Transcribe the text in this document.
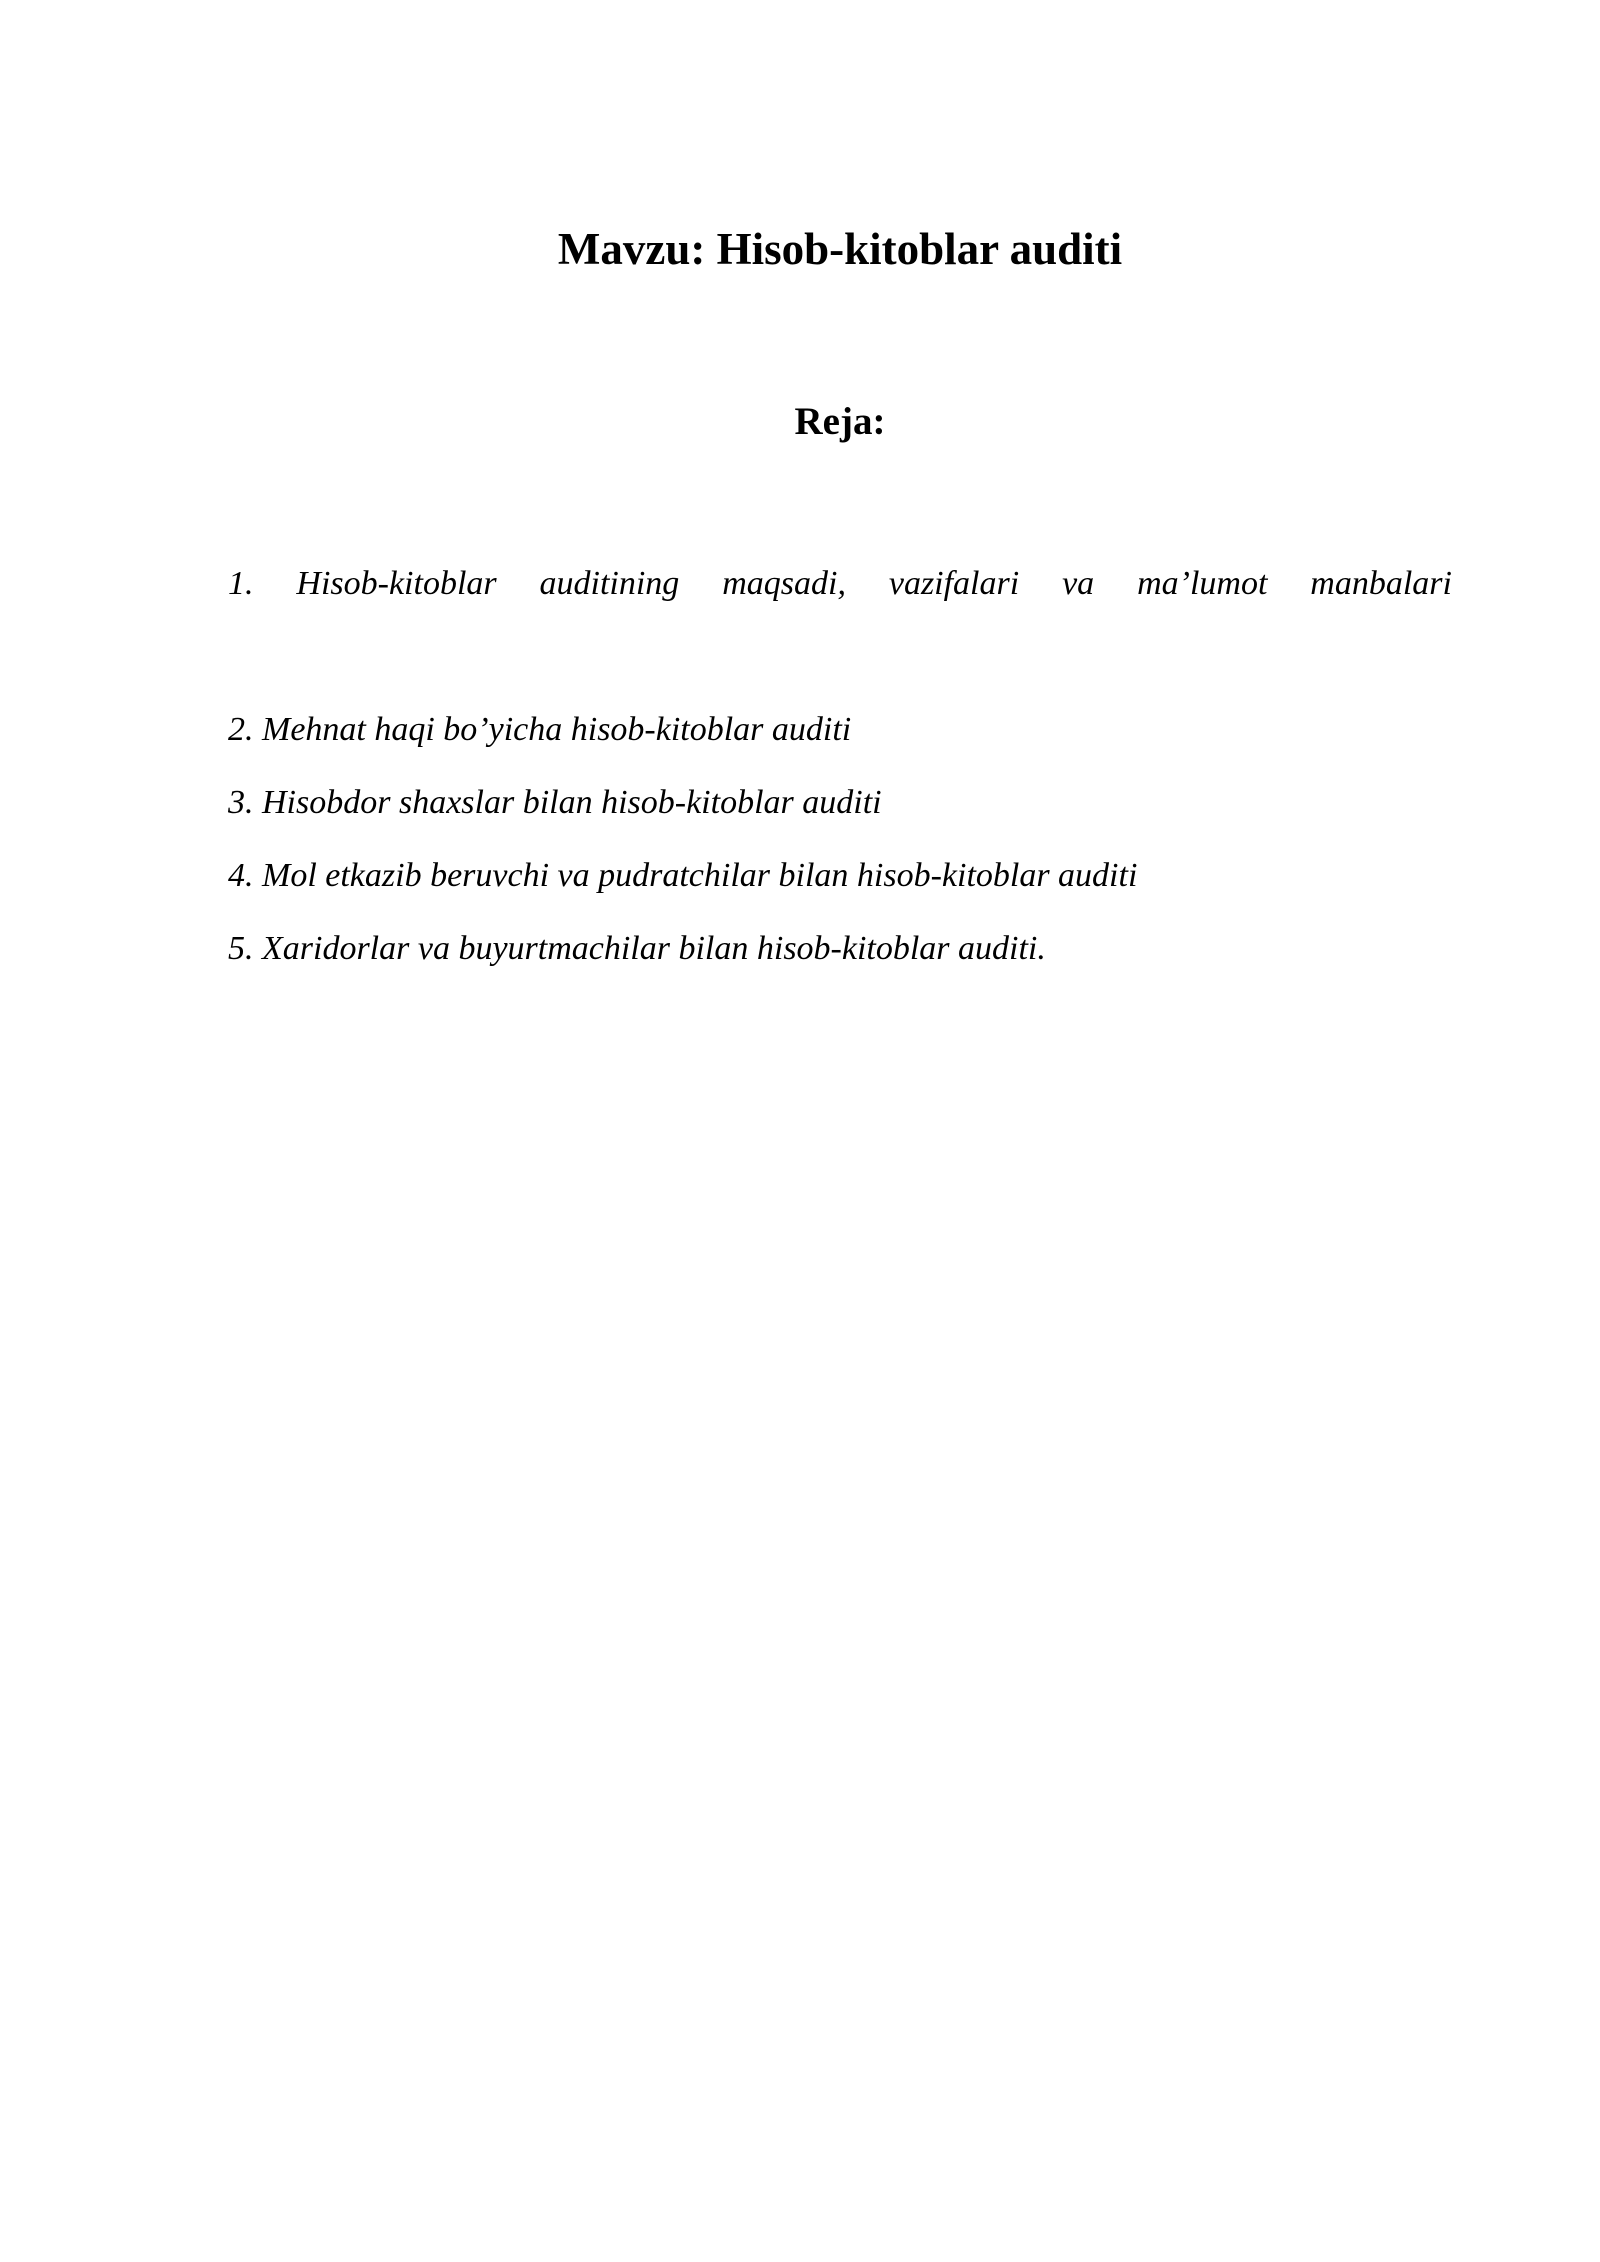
Mavzu: Hisob-kitoblar auditi
Reja:
1. Hisob-kitoblar auditining maqsadi, vazifalari va ma’lumot manbalari
2. Mehnat haqi bo’yicha hisob-kitoblar auditi
3. Hisobdor shaxslar bilan hisob-kitoblar auditi
4. Mol etkazib beruvchi va pudratchilar bilan hisob-kitoblar auditi
5. Xaridorlar va buyurtmachilar bilan hisob-kitoblar auditi.
